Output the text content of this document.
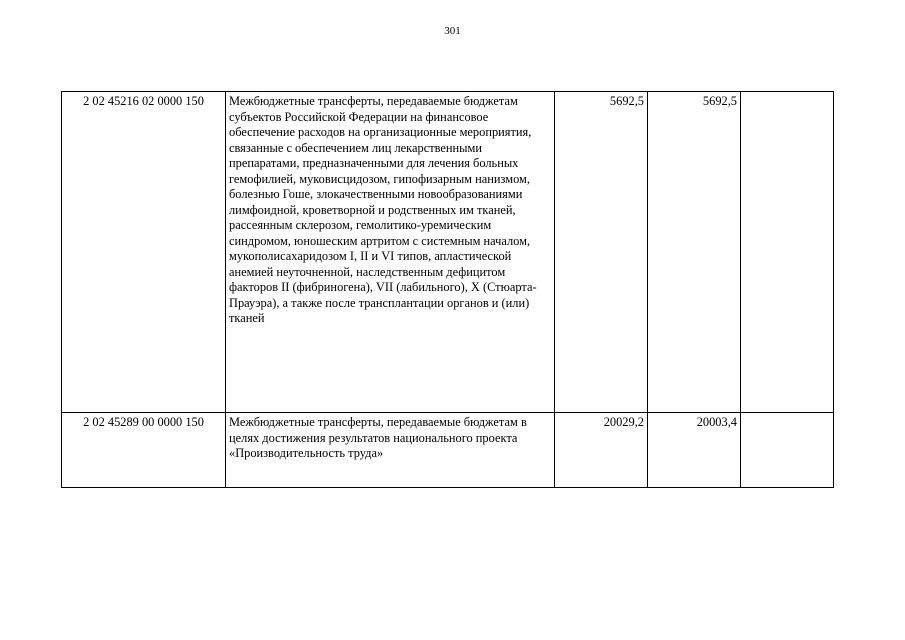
301
2 02 45216 02 0000 150	Межбюджетные трансферты, передаваемые бюджетам субъектов Российской Федерации на финансовое обеспечение расходов на организационные мероприятия, связанные с обеспечением лиц лекарственными препаратами, предназначенными для лечения больных гемофилией, муковисцидозом, гипофизарным нанизмом, болезнью Гоше, злокачественными новообразованиями лимфоидной, кроветворной и родственных им тканей, рассеянным склерозом, гемолитико-уремическим синдромом, юношеским артритом с системным началом, мукополисахаридозом I, II и VI типов, апластической анемией неуточненной, наследственным дефицитом факторов II (фибриногена), VII (лабильного), X (Стюарта-Прауэра), а также после трансплантации органов и (или) тканей	5692,5	5692,5	
2 02 45289 00 0000 150	Межбюджетные трансферты, передаваемые бюджетам в целях достижения результатов национального проекта «Производительность труда»	20029,2	20003,4	
